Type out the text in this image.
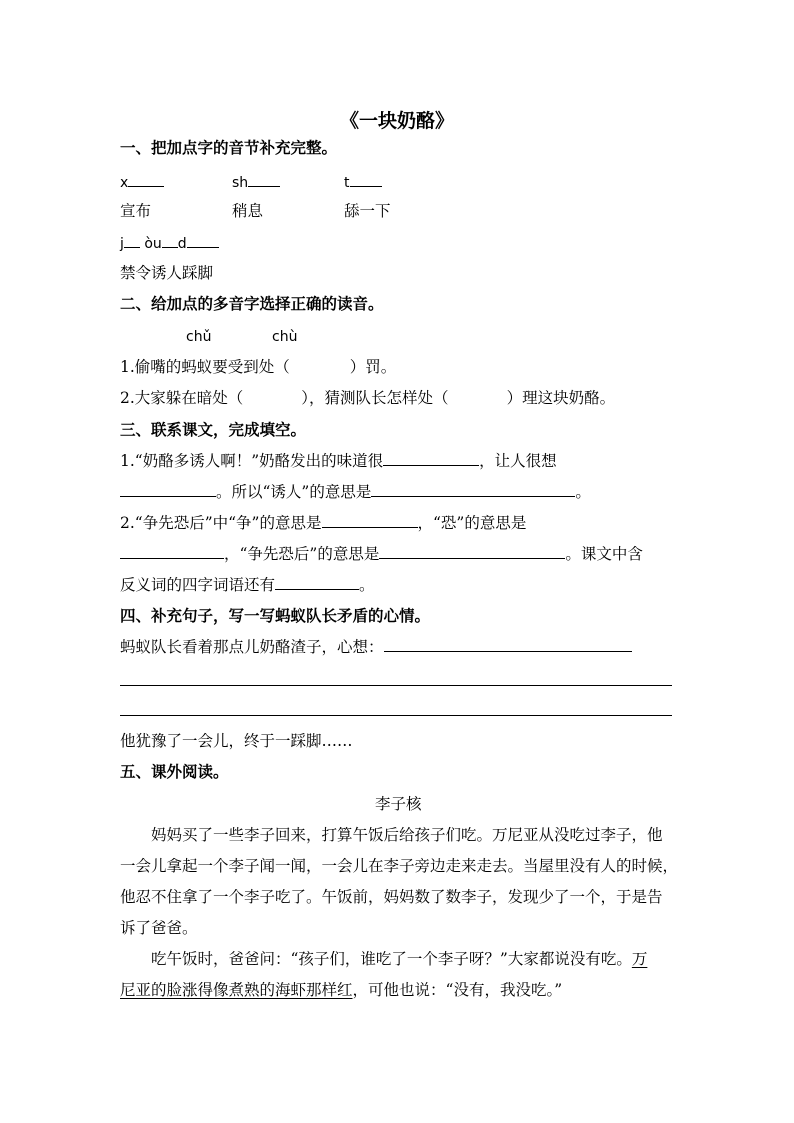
《一块奶酪》
一、把加点字的音节补充完整。
x	sh	t
宣布	稍息	舔一下
j òu d
禁令诱人踩脚
二、给加点的多音字选择正确的读音。
chǔ	chù
1.偷嘴的蚂蚁要受到处（	）罚。
2.大家躲在暗处（	），猜测队长怎样处（	）理这块奶酪。
三、联系课文，完成填空。
1.“奶酪多诱人啊！”奶酪发出的味道很	，让人很想
。所以“诱人”的意思是	。
2.“争先恐后”中“争”的意思是	，“恐”的意思是
，“争先恐后”的意思是	。课文中含
反义词的四字词语还有	。
四、补充句子，写一写蚂蚁队长矛盾的心情。
蚂蚁队长看着那点儿奶酪渣子，心想：
他犹豫了一会儿，终于一踩脚……
五、课外阅读。
李子核
妈妈买了一些李子回来，打算午饭后给孩子们吃。万尼亚从没吃过李子，他
一会儿拿起一个李子闻一闻，一会儿在李子旁边走来走去。当屋里没有人的时候，
他忍不住拿了一个李子吃了。午饭前，妈妈数了数李子，发现少了一个，于是告
诉了爸爸。
吃午饭时，爸爸问：“孩子们，谁吃了一个李子呀？”大家都说没有吃。万
尼亚的脸涨得像煮熟的海虾那样红，可他也说：“没有，我没吃。”
